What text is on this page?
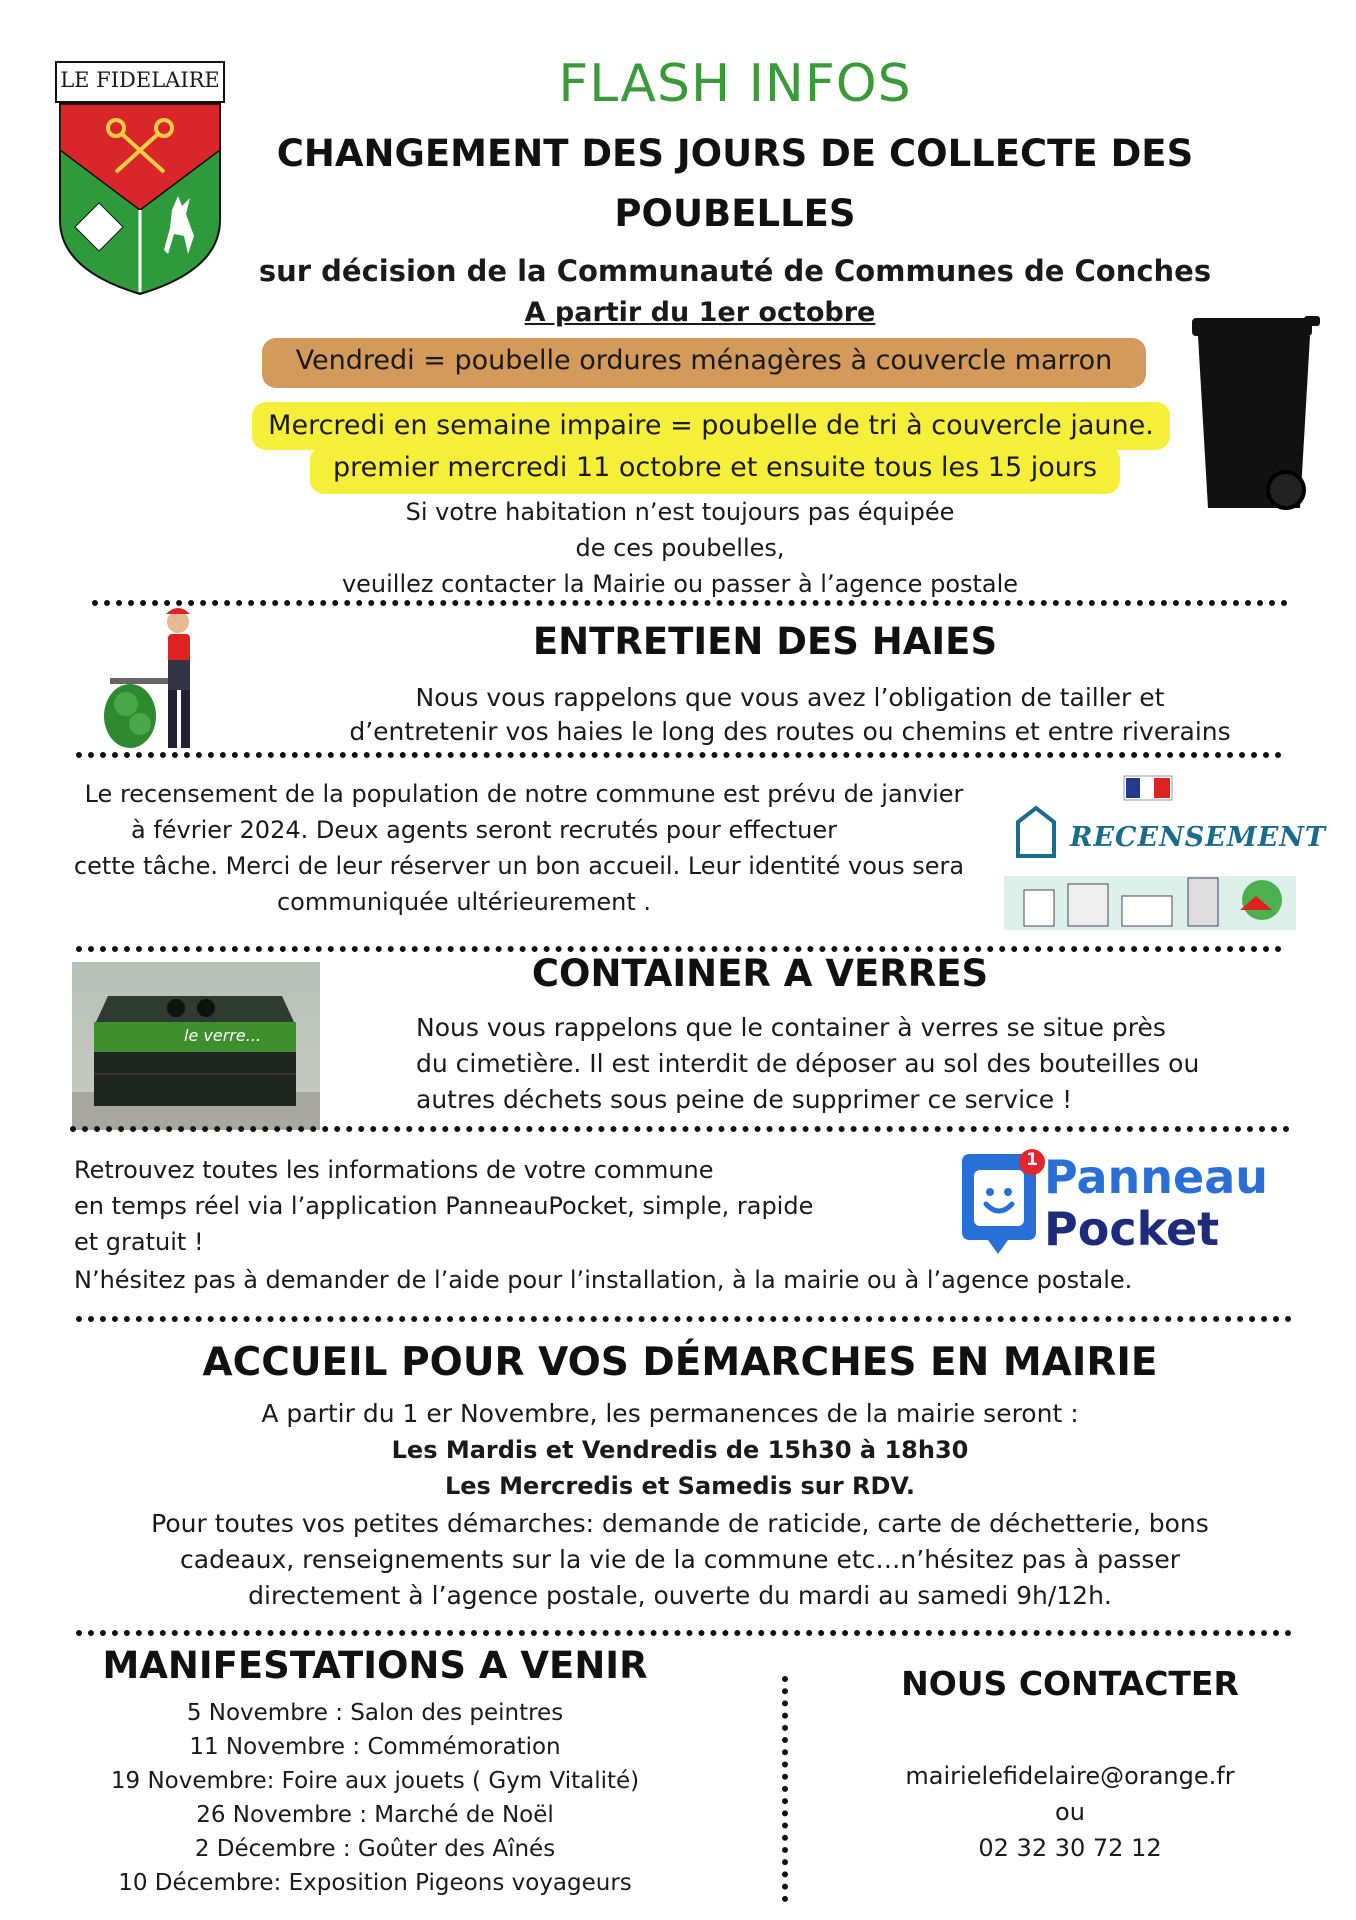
LE FIDELAIRE	FLASH INFOS
CHANGEMENT DES JOURS DE COLLECTE DES
POUBELLES
sur décision de la Communauté de Communes de Conches
A partir du 1er octobre
Vendredi = poubelle ordures ménagères à couvercle marron
Mercredi en semaine impaire = poubelle de tri à couvercle jaune.
premier mercredi 11 octobre et ensuite tous les 15 jours
Si votre habitation n’est toujours pas équipée
de ces poubelles,
veuillez contacter la Mairie ou passer à l’agence postale
ENTRETIEN DES HAIES
Nous vous rappelons que vous avez l’obligation de tailler et
d’entretenir vos haies le long des routes ou chemins et entre riverains
Le recensement de la population de notre commune est prévu de janvier
à février 2024. Deux agents seront recrutés pour effectuer
cette tâche. Merci de leur réserver un bon accueil. Leur identité vous sera
communiquée ultérieurement .
RECENSEMENT
le verre...
CONTAINER A VERRES
Nous vous rappelons que le container à verres se situe près
du cimetière. Il est interdit de déposer au sol des bouteilles ou
autres déchets sous peine de supprimer ce service !
Retrouvez toutes les informations de votre commune
en temps réel via l’application PanneauPocket, simple, rapide
et gratuit !
N’hésitez pas à demander de l’aide pour l’installation, à la mairie ou à l’agence postale.
1 Panneau
Pocket
ACCUEIL POUR VOS DÉMARCHES EN MAIRIE
A partir du 1 er Novembre, les permanences de la mairie seront :
Les Mardis et Vendredis de 15h30 à 18h30
Les Mercredis et Samedis sur RDV.
Pour toutes vos petites démarches: demande de raticide, carte de déchetterie, bons
cadeaux, renseignements sur la vie de la commune etc…n’hésitez pas à passer
directement à l’agence postale, ouverte du mardi au samedi 9h/12h.
MANIFESTATIONS A VENIR
5 Novembre : Salon des peintres
11 Novembre : Commémoration
19 Novembre: Foire aux jouets ( Gym Vitalité)
26 Novembre : Marché de Noël
2 Décembre : Goûter des Aînés
10 Décembre: Exposition Pigeons voyageurs
NOUS CONTACTER
mairielefidelaire@orange.fr
ou
02 32 30 72 12
